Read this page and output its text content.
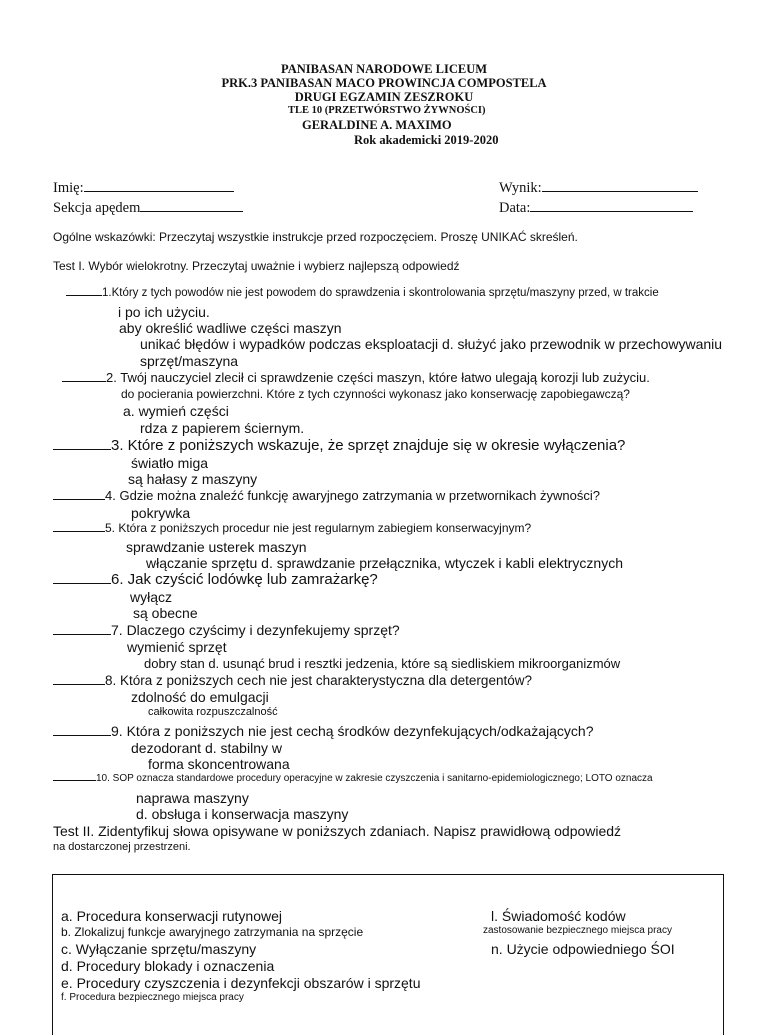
PANIBASAN NARODOWE LICEUM
PRK.3 PANIBASAN MACO PROWINCJA COMPOSTELA
DRUGI EGZAMIN ZESZROKU
TLE 10 (PRZETWÓRSTWO ŻYWNOŚCI)
GERALDINE A. MAXIMO
Rok akademicki 2019-2020
Imię:
Sekcja apędem
Wynik:
Data:
Ogólne wskazówki: Przeczytaj wszystkie instrukcje przed rozpoczęciem. Proszę UNIKAĆ skreśleń.
Test I. Wybór wielokrotny. Przeczytaj uważnie i wybierz najlepszą odpowiedź
1.Który z tych powodów nie jest powodem do sprawdzenia i skontrolowania sprzętu/maszyny przed, w trakcie
i po ich użyciu.
aby określić wadliwe części maszyn
unikać błędów i wypadków podczas eksploatacji d. służyć jako przewodnik w przechowywaniu
sprzęt/maszyna
2. Twój nauczyciel zlecił ci sprawdzenie części maszyn, które łatwo ulegają korozji lub zużyciu.
do pocierania powierzchni. Które z tych czynności wykonasz jako konserwację zapobiegawczą?
a. wymień części
rdza z papierem ściernym.
3. Które z poniższych wskazuje, że sprzęt znajduje się w okresie wyłączenia?
światło miga
są hałasy z maszyny
4. Gdzie można znaleźć funkcję awaryjnego zatrzymania w przetwornikach żywności?
pokrywka
5. Która z poniższych procedur nie jest regularnym zabiegiem konserwacyjnym?
sprawdzanie usterek maszyn
włączanie sprzętu d. sprawdzanie przełącznika, wtyczek i kabli elektrycznych
6. Jak czyścić lodówkę lub zamrażarkę?
wyłącz
są obecne
7. Dlaczego czyścimy i dezynfekujemy sprzęt?
wymienić sprzęt
dobry stan d. usunąć brud i resztki jedzenia, które są siedliskiem mikroorganizmów
8. Która z poniższych cech nie jest charakterystyczna dla detergentów?
zdolność do emulgacji
całkowita rozpuszczalność
9. Która z poniższych nie jest cechą środków dezynfekujących/odkażających?
dezodorant d. stabilny w
forma skoncentrowana
10. SOP oznacza standardowe procedury operacyjne w zakresie czyszczenia i sanitarno-epidemiologicznego; LOTO oznacza
naprawa maszyny
d. obsługa i konserwacja maszyny
Test II. Zidentyfikuj słowa opisywane w poniższych zdaniach. Napisz prawidłową odpowiedź
na dostarczonej przestrzeni.
a. Procedura konserwacji rutynowej
b. Zlokalizuj funkcje awaryjnego zatrzymania na sprzęcie
c. Wyłączanie sprzętu/maszyny
d. Procedury blokady i oznaczenia
e. Procedury czyszczenia i dezynfekcji obszarów i sprzętu
f. Procedura bezpiecznego miejsca pracy
l. Świadomość kodów
zastosowanie bezpiecznego miejsca pracy
n. Użycie odpowiedniego ŚOI
